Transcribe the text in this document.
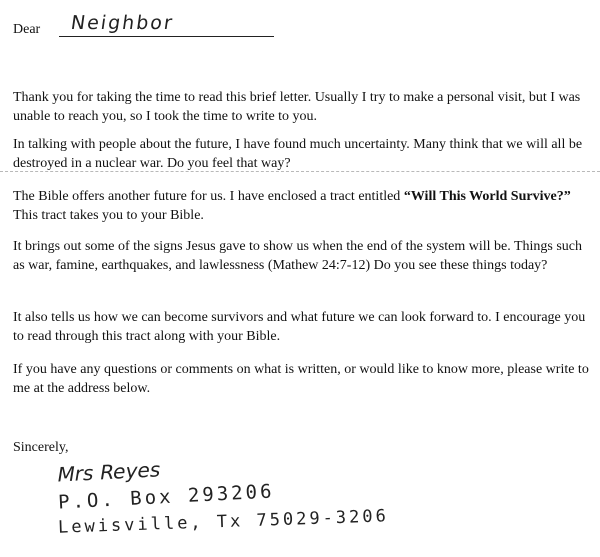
Dear Neighbor

Thank you for taking the time to read this brief letter. Usually I try to make a personal visit, but I was unable to reach you, so I took the time to write to you.

In talking with people about the future, I have found much uncertainty. Many think that we will all be destroyed in a nuclear war. Do you feel that way?

The Bible offers another future for us. I have enclosed a tract entitled “Will This World Survive?” This tract takes you to your Bible.

It brings out some of the signs Jesus gave to show us when the end of the system will be. Things such as war, famine, earthquakes, and lawlessness (Mathew 24:7-12) Do you see these things today?

It also tells us how we can become survivors and what future we can look forward to. I encourage you to read through this tract along with your Bible.

If you have any questions or comments on what is written, or would like to know more, please write to me at the address below.

Sincerely,

Mrs Reyes
P.O. Box 293206
Lewisville, Tx 75029-3206
